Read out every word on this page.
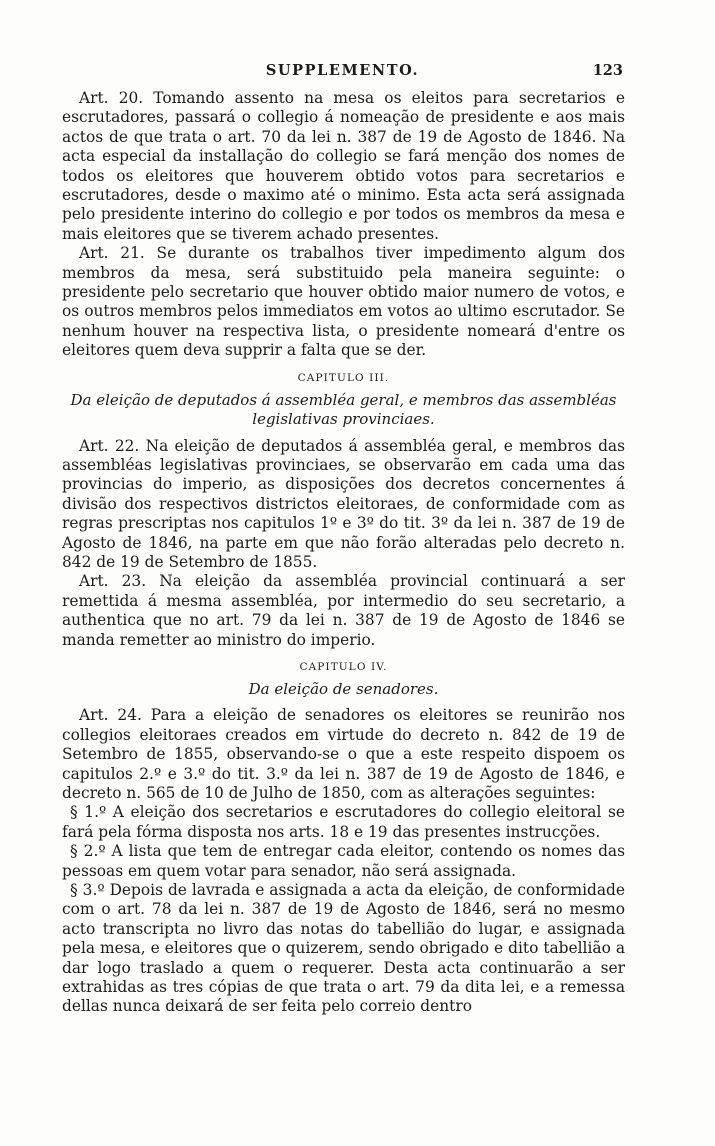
SUPPLEMENTO.	123

Art. 20. Tomando assento na mesa os eleitos para secretarios e escrutadores, passará o collegio á nomeação de presidente e aos mais actos de que trata o art. 70 da lei n. 387 de 19 de Agosto de 1846. Na acta especial da installação do collegio se fará menção dos nomes de todos os eleitores que houverem obtido votos para secretarios e escrutadores, desde o maximo até o minimo. Esta acta será assignada pelo presidente interino do collegio e por todos os membros da mesa e mais eleitores que se tiverem achado presentes.

Art. 21. Se durante os trabalhos tiver impedimento algum dos membros da mesa, será substituido pela maneira seguinte: o presidente pelo secretario que houver obtido maior numero de votos, e os outros membros pelos immediatos em votos ao ultimo escrutador. Se nenhum houver na respectiva lista, o presidente nomeará d'entre os eleitores quem deva supprir a falta que se der.

CAPITULO III.
Da eleição de deputados á assembléa geral, e membros das assembléas
legislativas provinciaes.

Art. 22. Na eleição de deputados á assembléa geral, e membros das assembléas legislativas provinciaes, se observarão em cada uma das provincias do imperio, as disposições dos decretos concernentes á divisão dos respectivos districtos eleitoraes, de conformidade com as regras prescriptas nos capitulos 1º e 3º do tit. 3º da lei n. 387 de 19 de Agosto de 1846, na parte em que não forão alteradas pelo decreto n. 842 de 19 de Setembro de 1855.

Art. 23. Na eleição da assembléa provincial continuará a ser remettida á mesma assembléa, por intermedio do seu secretario, a authentica que no art. 79 da lei n. 387 de 19 de Agosto de 1846 se manda remetter ao ministro do imperio.

CAPITULO IV.
Da eleição de senadores.

Art. 24. Para a eleição de senadores os eleitores se reunirão nos collegios eleitoraes creados em virtude do decreto n. 842 de 19 de Setembro de 1855, observando-se o que a este respeito dispoem os capitulos 2.º e 3.º do tit. 3.º da lei n. 387 de 19 de Agosto de 1846, e decreto n. 565 de 10 de Julho de 1850, com as alterações seguintes:

§ 1.º A eleição dos secretarios e escrutadores do collegio eleitoral se fará pela fórma disposta nos arts. 18 e 19 das presentes instrucções.

§ 2.º A lista que tem de entregar cada eleitor, contendo os nomes das pessoas em quem votar para senador, não será assignada.

§ 3.º Depois de lavrada e assignada a acta da eleição, de conformidade com o art. 78 da lei n. 387 de 19 de Agosto de 1846, será no mesmo acto transcripta no livro das notas do tabellião do lugar, e assignada pela mesa, e eleitores que o quizerem, sendo obrigado e dito tabellião a dar logo traslado a quem o requerer. Desta acta continuarão a ser extrahidas as tres cópias de que trata o art. 79 da dita lei, e a remessa dellas nunca deixará de ser feita pelo correio dentro
